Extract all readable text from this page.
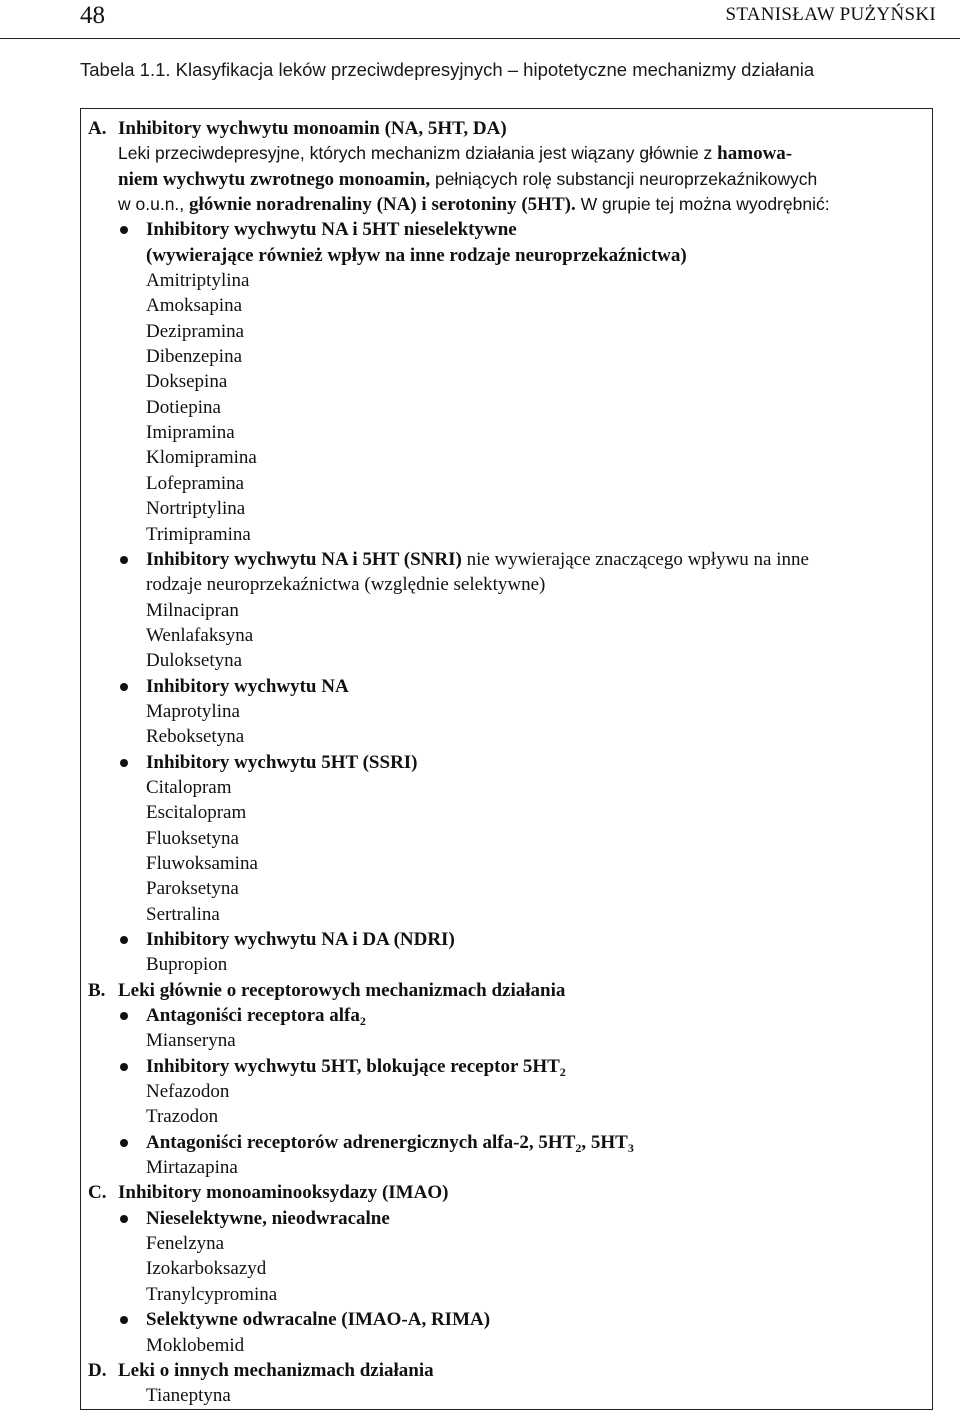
48	STANISŁAW PUŻYŃSKI
Tabela 1.1. Klasyfikacja leków przeciwdepresyjnych – hipotetyczne mechanizmy działania
A. Inhibitory wychwytu monoamin (NA, 5HT, DA)
Leki przeciwdepresyjne, których mechanizm działania jest wiązany głównie z hamowa-
niem wychwytu zwrotnego monoamin, pełniących rolę substancji neuroprzekaźnikowych
w o.u.n., głównie noradrenaliny (NA) i serotoniny (5HT). W grupie tej można wyodrębnić:
Inhibitory wychwytu NA i 5HT nieselektywne
(wywierające również wpływ na inne rodzaje neuroprzekaźnictwa)
Amitriptylina
Amoksapina
Dezipramina
Dibenzepina
Doksepina
Dotiepina
Imipramina
Klomipramina
Lofepramina
Nortriptylina
Trimipramina
Inhibitory wychwytu NA i 5HT (SNRI) nie wywierające znaczącego wpływu na inne
rodzaje neuroprzekaźnictwa (względnie selektywne)
Milnacipran
Wenlafaksyna
Duloksetyna
Inhibitory wychwytu NA
Maprotylina
Reboksetyna
Inhibitory wychwytu 5HT (SSRI)
Citalopram
Escitalopram
Fluoksetyna
Fluwoksamina
Paroksetyna
Sertralina
Inhibitory wychwytu NA i DA (NDRI)
Bupropion
B. Leki głównie o receptorowych mechanizmach działania
Antagoniści receptora alfa$_2$
Mianseryna
Inhibitory wychwytu 5HT, blokujące receptor $5HT_2$
Nefazodon
Trazodon
Antagoniści receptorów adrenergicznych alfa-2, $5HT_2$, $5HT_3$
Mirtazapina
C. Inhibitory monoaminooksydazy (IMAO)
Nieselektywne, nieodwracalne
Fenelzyna
Izokarboksazyd
Tranylcypromina
Selektywne odwracalne (IMAO-A, RIMA)
Moklobemid
D. Leki o innych mechanizmach działania
Tianeptyna
